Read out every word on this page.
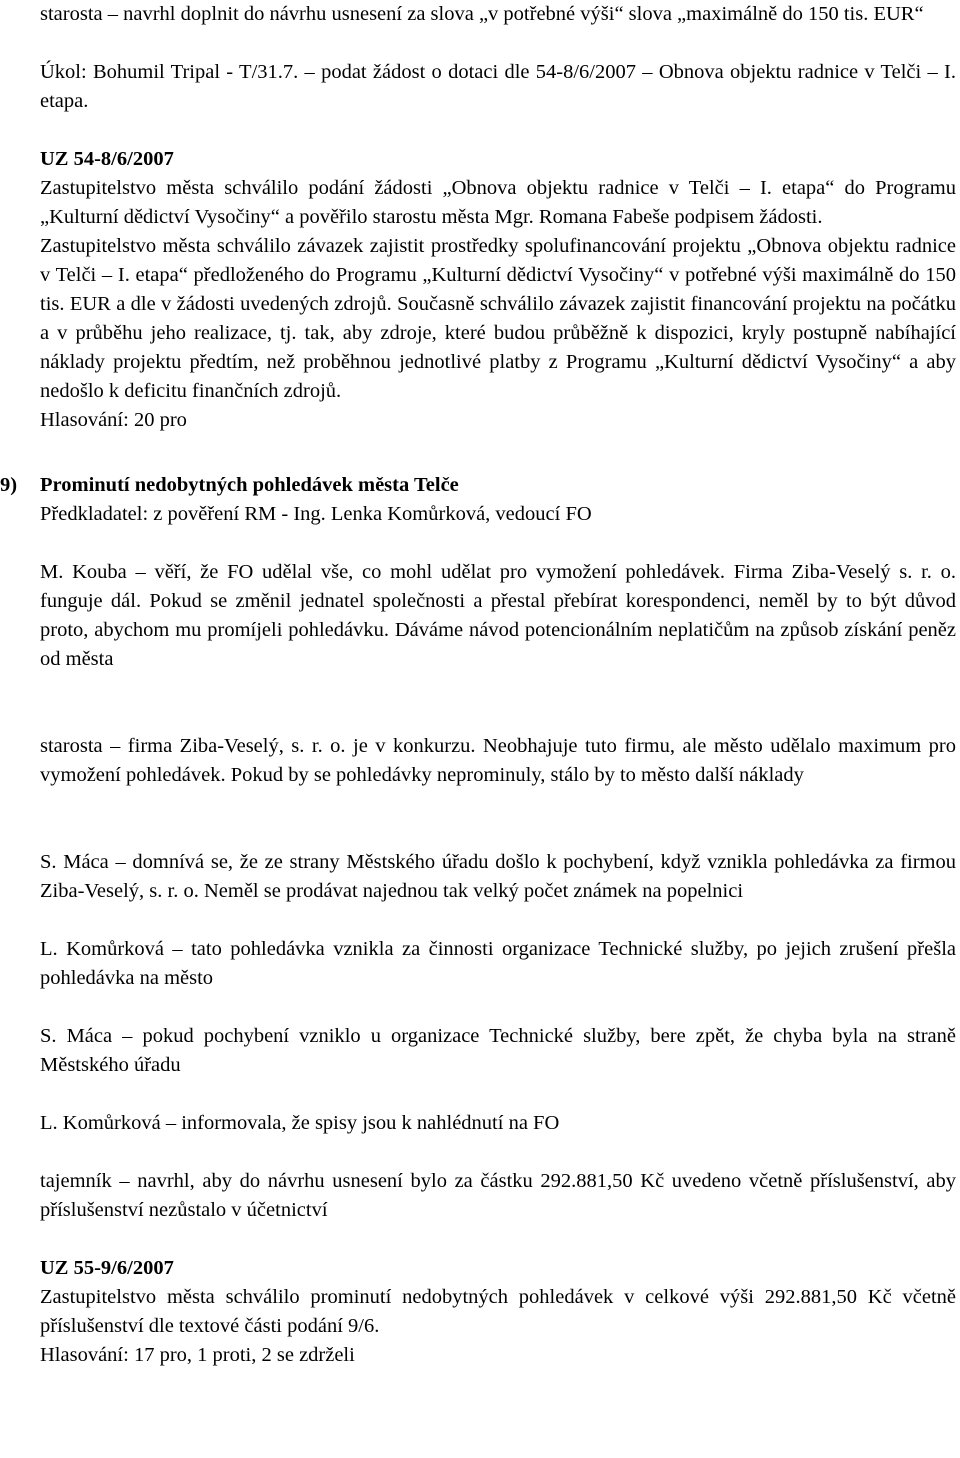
starosta – navrhl doplnit do návrhu usnesení za slova „v potřebné výši“ slova „maximálně do 150 tis. EUR“

Úkol: Bohumil Tripal - T/31.7. – podat žádost o dotaci dle 54-8/6/2007 – Obnova objektu radnice v Telči – I. etapa.

UZ 54-8/6/2007

Zastupitelstvo města schválilo podání žádosti „Obnova objektu radnice v Telči – I. etapa“ do Programu „Kulturní dědictví Vysočiny“ a pověřilo starostu města Mgr. Romana Fabeše podpisem žádosti.

Zastupitelstvo města schválilo závazek zajistit prostředky spolufinancování projektu „Obnova objektu radnice v Telči – I. etapa“ předloženého do Programu „Kulturní dědictví Vysočiny“ v potřebné výši maximálně do 150 tis. EUR a dle v žádosti uvedených zdrojů. Současně schválilo závazek zajistit financování projektu na počátku a v průběhu jeho realizace, tj. tak, aby zdroje, které budou průběžně k dispozici, kryly postupně nabíhající náklady projektu předtím, než proběhnou jednotlivé platby z Programu „Kulturní dědictví Vysočiny“ a aby nedošlo k deficitu finančních zdrojů.

Hlasování: 20 pro

9) Prominutí nedobytných pohledávek města Telče

Předkladatel: z pověření RM - Ing. Lenka Komůrková, vedoucí FO

M. Kouba – věří, že FO udělal vše, co mohl udělat pro vymožení pohledávek. Firma Ziba-Veselý s. r. o. funguje dál. Pokud se změnil jednatel společnosti a přestal přebírat korespondenci, neměl by to být důvod proto, abychom mu promíjeli pohledávku. Dáváme návod potencionálním neplatičům na způsob získání peněz od města

starosta – firma Ziba-Veselý, s. r. o. je v konkurzu. Neobhajuje tuto firmu, ale město udělalo maximum pro vymožení pohledávek. Pokud by se pohledávky neprominuly, stálo by to město další náklady

S. Máca – domnívá se, že ze strany Městského úřadu došlo k pochybení, když vznikla pohledávka za firmou Ziba-Veselý, s. r. o. Neměl se prodávat najednou tak velký počet známek na popelnici

L. Komůrková – tato pohledávka vznikla za činnosti organizace Technické služby, po jejich zrušení přešla pohledávka na město

S. Máca – pokud pochybení vzniklo u organizace Technické služby, bere zpět, že chyba byla na straně Městského úřadu

L. Komůrková – informovala, že spisy jsou k nahlédnutí na FO

tajemník – navrhl, aby do návrhu usnesení bylo za částku 292.881,50 Kč uvedeno včetně příslušenství, aby příslušenství nezůstalo v účetnictví

UZ 55-9/6/2007

Zastupitelstvo města schválilo prominutí nedobytných pohledávek v celkové výši 292.881,50 Kč včetně příslušenství dle textové části podání 9/6.

Hlasování: 17 pro, 1 proti, 2 se zdrželi
